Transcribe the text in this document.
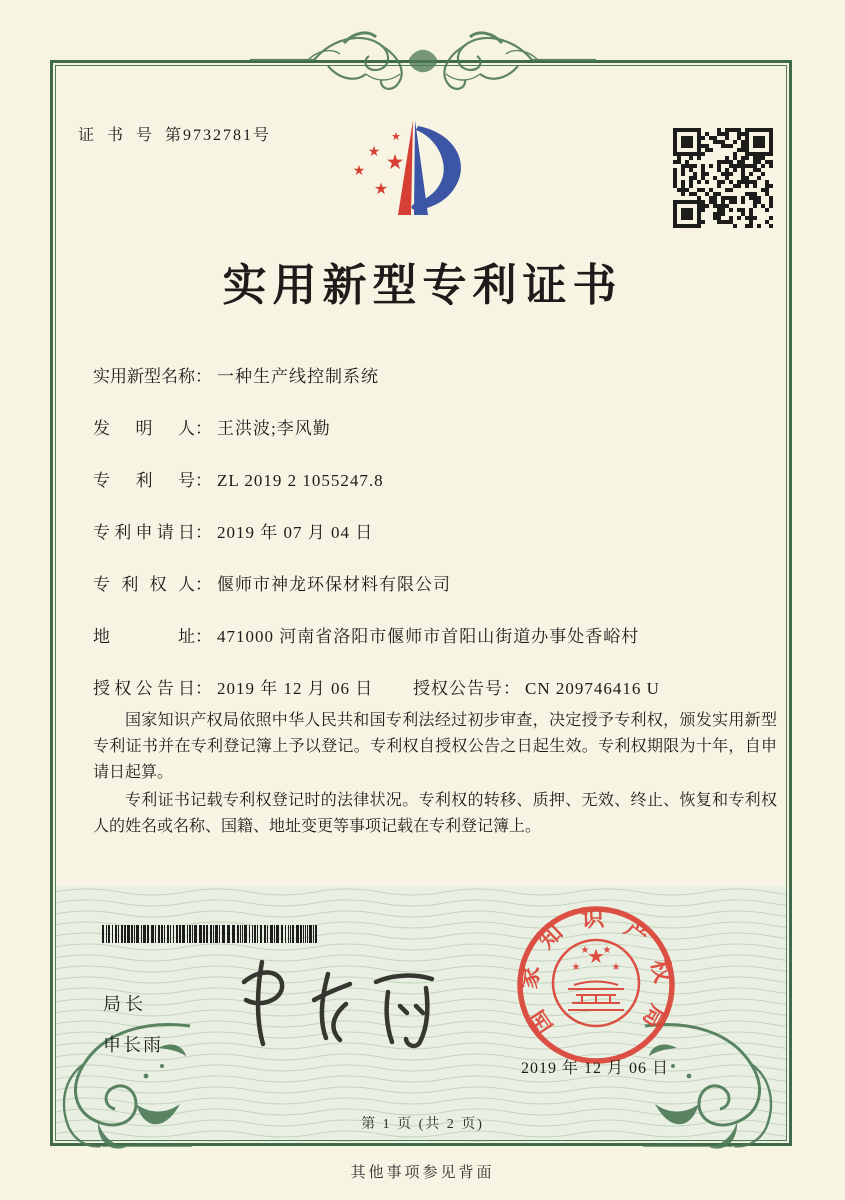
证 书 号 第9732781号	★
★ ★
★
★
实用新型专利证书
实用新型名称： 一种生产线控制系统
发明人： 王洪波;李风勤
专利号： ZL 2019 2 1055247.8
专利申请日： 2019 年 07 月 04 日
专利权人： 偃师市神龙环保材料有限公司
地址： 471000 河南省洛阳市偃师市首阳山街道办事处香峪村
授权公告日： 2019 年 12 月 06 日 授权公告号： CN 209746416 U

国家知识产权局依照中华人民共和国专利法经过初步审查，决定授予专利权，颁发实用新型专利证书并在专利登记簿上予以登记。专利权自授权公告之日起生效。专利权期限为十年，自申请日起算。

专利证书记载专利权登记时的法律状况。专利权的转移、质押、无效、终止、恢复和专利权人的姓名或名称、国籍、地址变更等事项记载在专利登记簿上。

局长
申长雨
国家知识产权局
★
★
★ ★
★
2019 年 12 月 06 日
第 1 页 (共 2 页)
其他事项参见背面
